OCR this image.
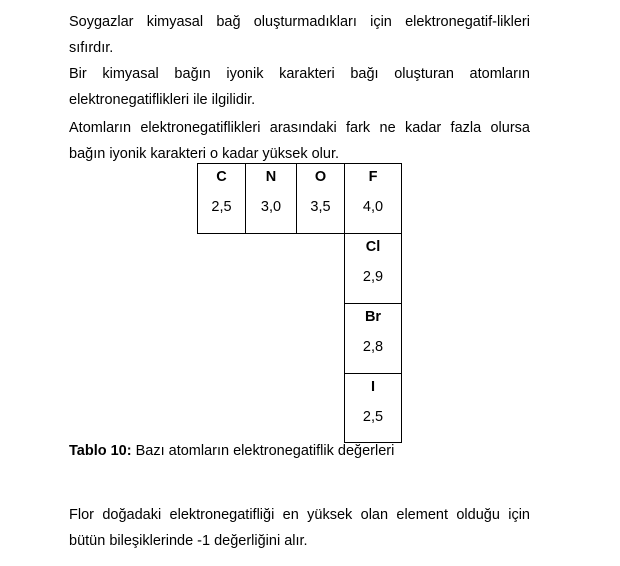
Soygazlar kimyasal bağ oluşturmadıkları için elektronegatif-likleri sıfırdır.

Bir kimyasal bağın iyonik karakteri bağı oluşturan atomların elektronegatiflikleri ile ilgilidir.

Atomların elektronegatiflikleri arasındaki fark ne kadar fazla olursa bağın iyonik karakteri o kadar yüksek olur.

C
2,5
N
3,0
O
3,5
F
4,0
Cl
2,9
Br
2,8
I
2,5

Tablo 10: Bazı atomların elektronegatiflik değerleri

Flor doğadaki elektronegatifliği en yüksek olan element olduğu için bütün bileşiklerinde -1 değerliğini alır.
